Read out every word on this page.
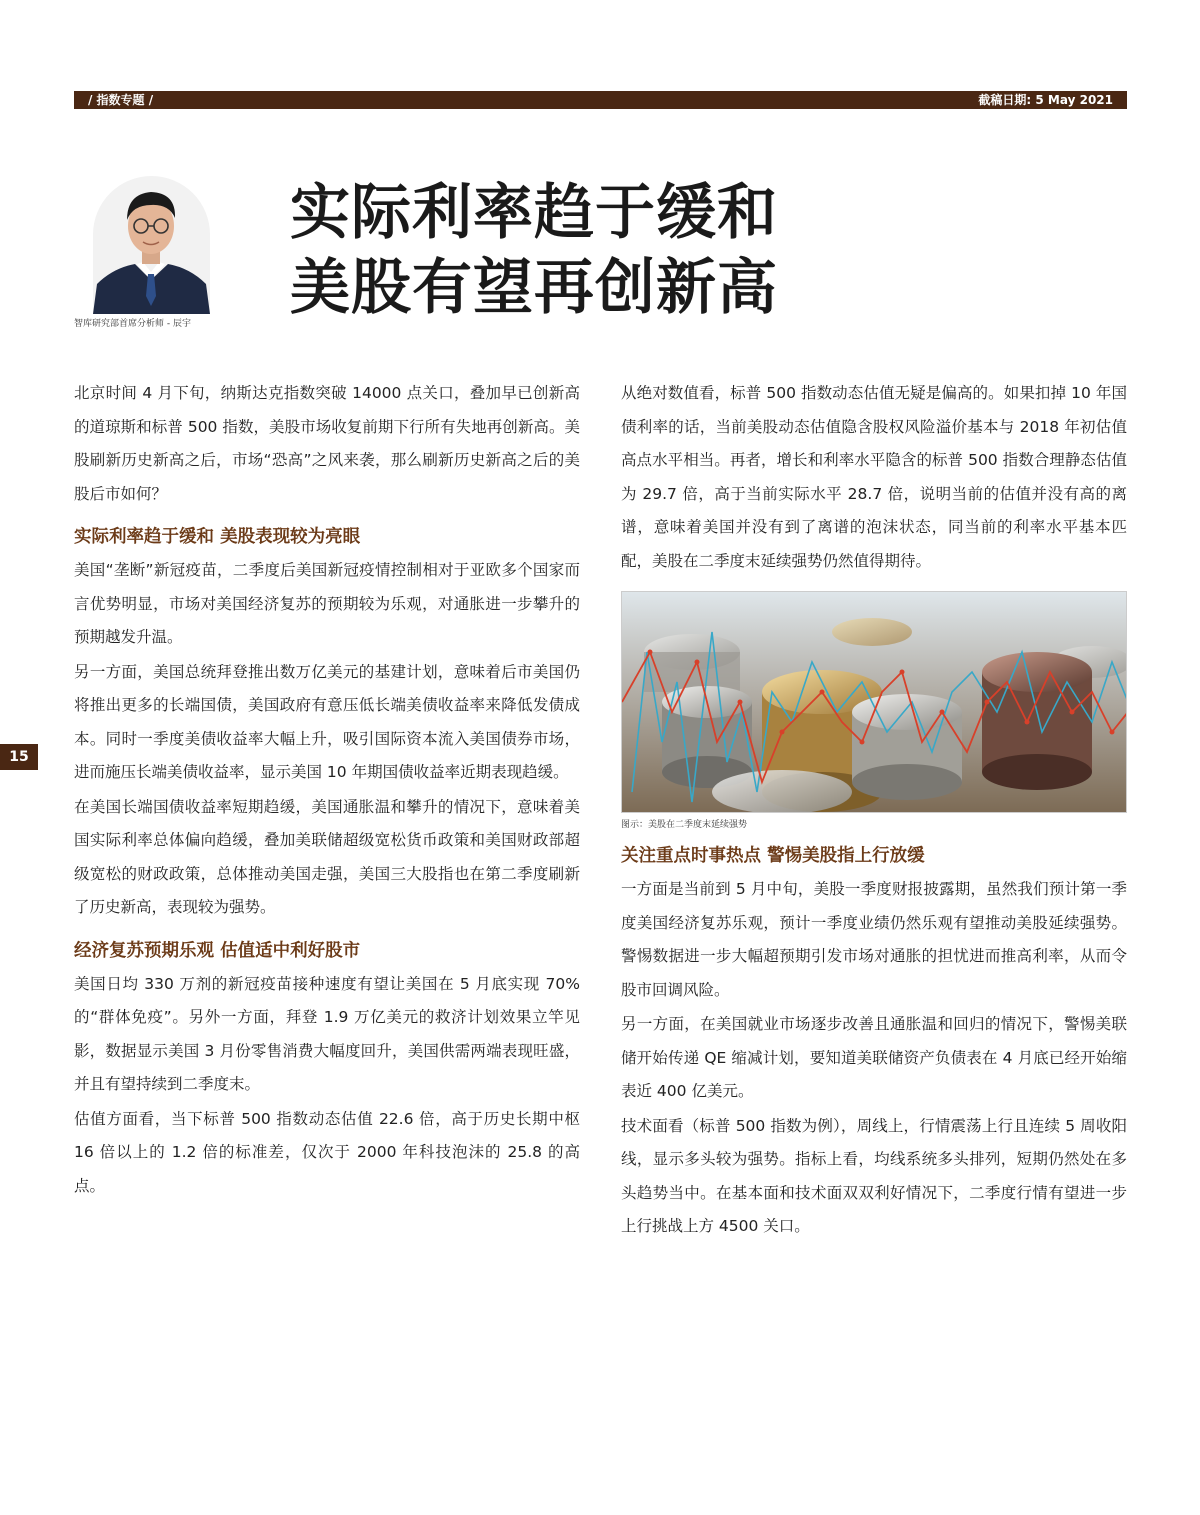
/ 指数专题 /	截稿日期: 5 May 2021
智库研究部首席分析师 - 辰宇
实际利率趋于缓和
美股有望再创新高
15

北京时间 4 月下旬，纳斯达克指数突破 14000 点关口，叠加早已创新高的道琼斯和标普 500 指数，美股市场收复前期下行所有失地再创新高。美股刷新历史新高之后，市场“恐高”之风来袭，那么刷新历史新高之后的美股后市如何？

实际利率趋于缓和 美股表现较为亮眼

美国“垄断”新冠疫苗，二季度后美国新冠疫情控制相对于亚欧多个国家而言优势明显，市场对美国经济复苏的预期较为乐观，对通胀进一步攀升的预期越发升温。

另一方面，美国总统拜登推出数万亿美元的基建计划，意味着后市美国仍将推出更多的长端国债，美国政府有意压低长端美债收益率来降低发债成本。同时一季度美债收益率大幅上升，吸引国际资本流入美国债券市场，进而施压长端美债收益率，显示美国 10 年期国债收益率近期表现趋缓。

在美国长端国债收益率短期趋缓，美国通胀温和攀升的情况下，意味着美国实际利率总体偏向趋缓，叠加美联储超级宽松货币政策和美国财政部超级宽松的财政政策，总体推动美国走强，美国三大股指也在第二季度刷新了历史新高，表现较为强势。

经济复苏预期乐观 估值适中利好股市

美国日均 330 万剂的新冠疫苗接种速度有望让美国在 5 月底实现 70% 的“群体免疫”。另外一方面，拜登 1.9 万亿美元的救济计划效果立竿见影，数据显示美国 3 月份零售消费大幅度回升，美国供需两端表现旺盛，并且有望持续到二季度末。

估值方面看，当下标普 500 指数动态估值 22.6 倍，高于历史长期中枢 16 倍以上的 1.2 倍的标准差，仅次于 2000 年科技泡沫的 25.8 的高点。

从绝对数值看，标普 500 指数动态估值无疑是偏高的。如果扣掉 10 年国债利率的话，当前美股动态估值隐含股权风险溢价基本与 2018 年初估值高点水平相当。再者，增长和利率水平隐含的标普 500 指数合理静态估值为 29.7 倍，高于当前实际水平 28.7 倍，说明当前的估值并没有高的离谱，意味着美国并没有到了离谱的泡沫状态，同当前的利率水平基本匹配，美股在二季度末延续强势仍然值得期待。

图示：美股在二季度末延续强势
关注重点时事热点 警惕美股指上行放缓

一方面是当前到 5 月中旬，美股一季度财报披露期，虽然我们预计第一季度美国经济复苏乐观，预计一季度业绩仍然乐观有望推动美股延续强势。警惕数据进一步大幅超预期引发市场对通胀的担忧进而推高利率，从而令股市回调风险。

另一方面，在美国就业市场逐步改善且通胀温和回归的情况下，警惕美联储开始传递 QE 缩减计划，要知道美联储资产负债表在 4 月底已经开始缩表近 400 亿美元。

技术面看（标普 500 指数为例），周线上，行情震荡上行且连续 5 周收阳线，显示多头较为强势。指标上看，均线系统多头排列，短期仍然处在多头趋势当中。在基本面和技术面双双利好情况下，二季度行情有望进一步上行挑战上方 4500 关口。
